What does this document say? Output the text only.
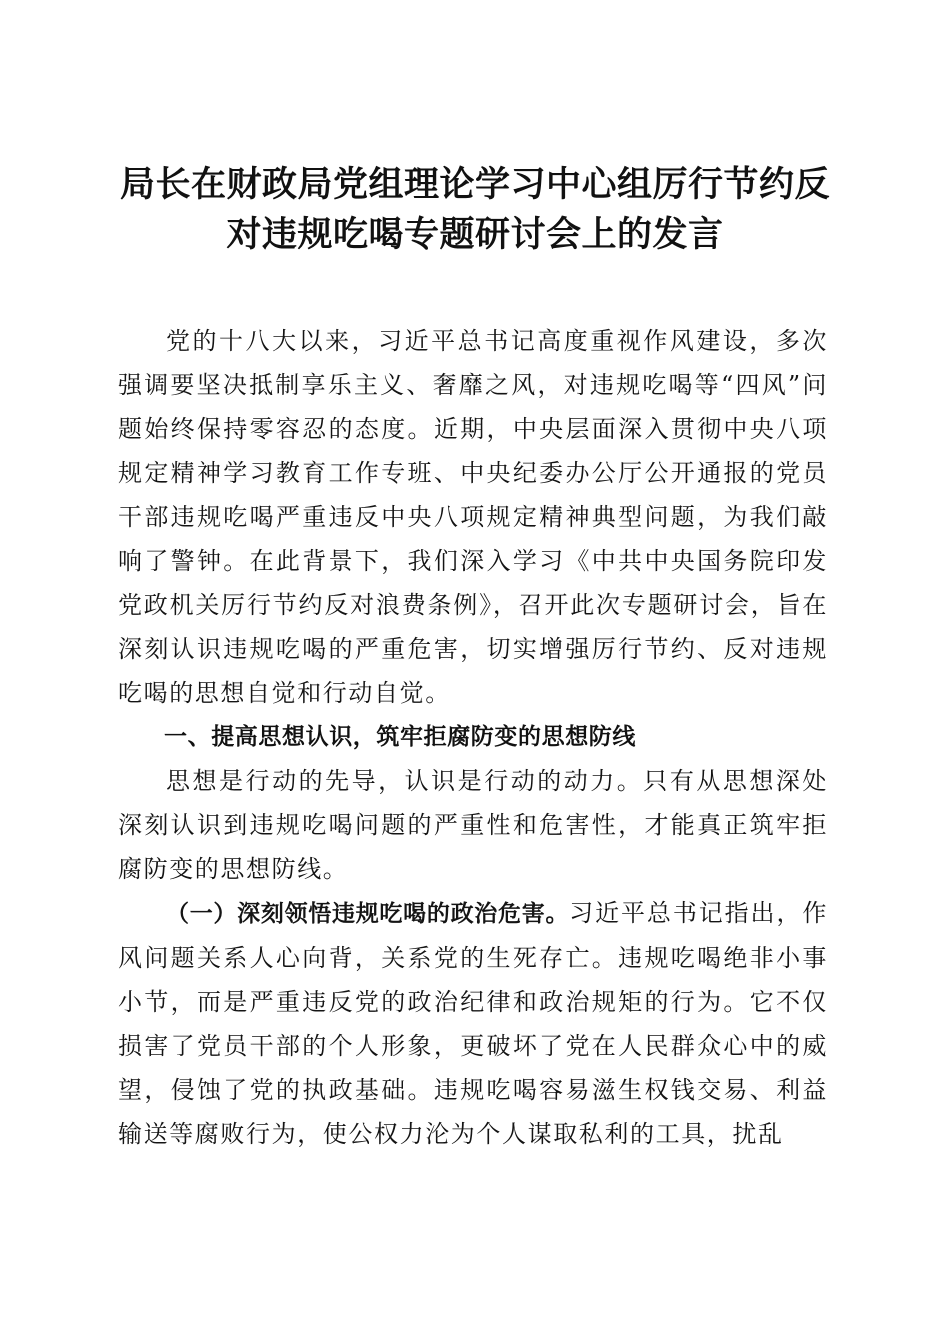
局长在财政局党组理论学习中心组厉行节约反
对违规吃喝专题研讨会上的发言

党的十八大以来，习近平总书记高度重视作风建设，多次强调要坚决抵制享乐主义、奢靡之风，对违规吃喝等“四风”问题始终保持零容忍的态度。近期，中央层面深入贯彻中央八项规定精神学习教育工作专班、中央纪委办公厅公开通报的党员干部违规吃喝严重违反中央八项规定精神典型问题，为我们敲响了警钟。在此背景下，我们深入学习《中共中央国务院印发党政机关厉行节约反对浪费条例》，召开此次专题研讨会，旨在深刻认识违规吃喝的严重危害，切实增强厉行节约、反对违规吃喝的思想自觉和行动自觉。

一、提高思想认识，筑牢拒腐防变的思想防线

思想是行动的先导，认识是行动的动力。只有从思想深处深刻认识到违规吃喝问题的严重性和危害性，才能真正筑牢拒腐防变的思想防线。

（一）深刻领悟违规吃喝的政治危害。习近平总书记指出，作风问题关系人心向背，关系党的生死存亡。违规吃喝绝非小事小节，而是严重违反党的政治纪律和政治规矩的行为。它不仅损害了党员干部的个人形象，更破坏了党在人民群众心中的威望，侵蚀了党的执政基础。违规吃喝容易滋生权钱交易、利益输送等腐败行为，使公权力沦为个人谋取私利的工具，扰乱
